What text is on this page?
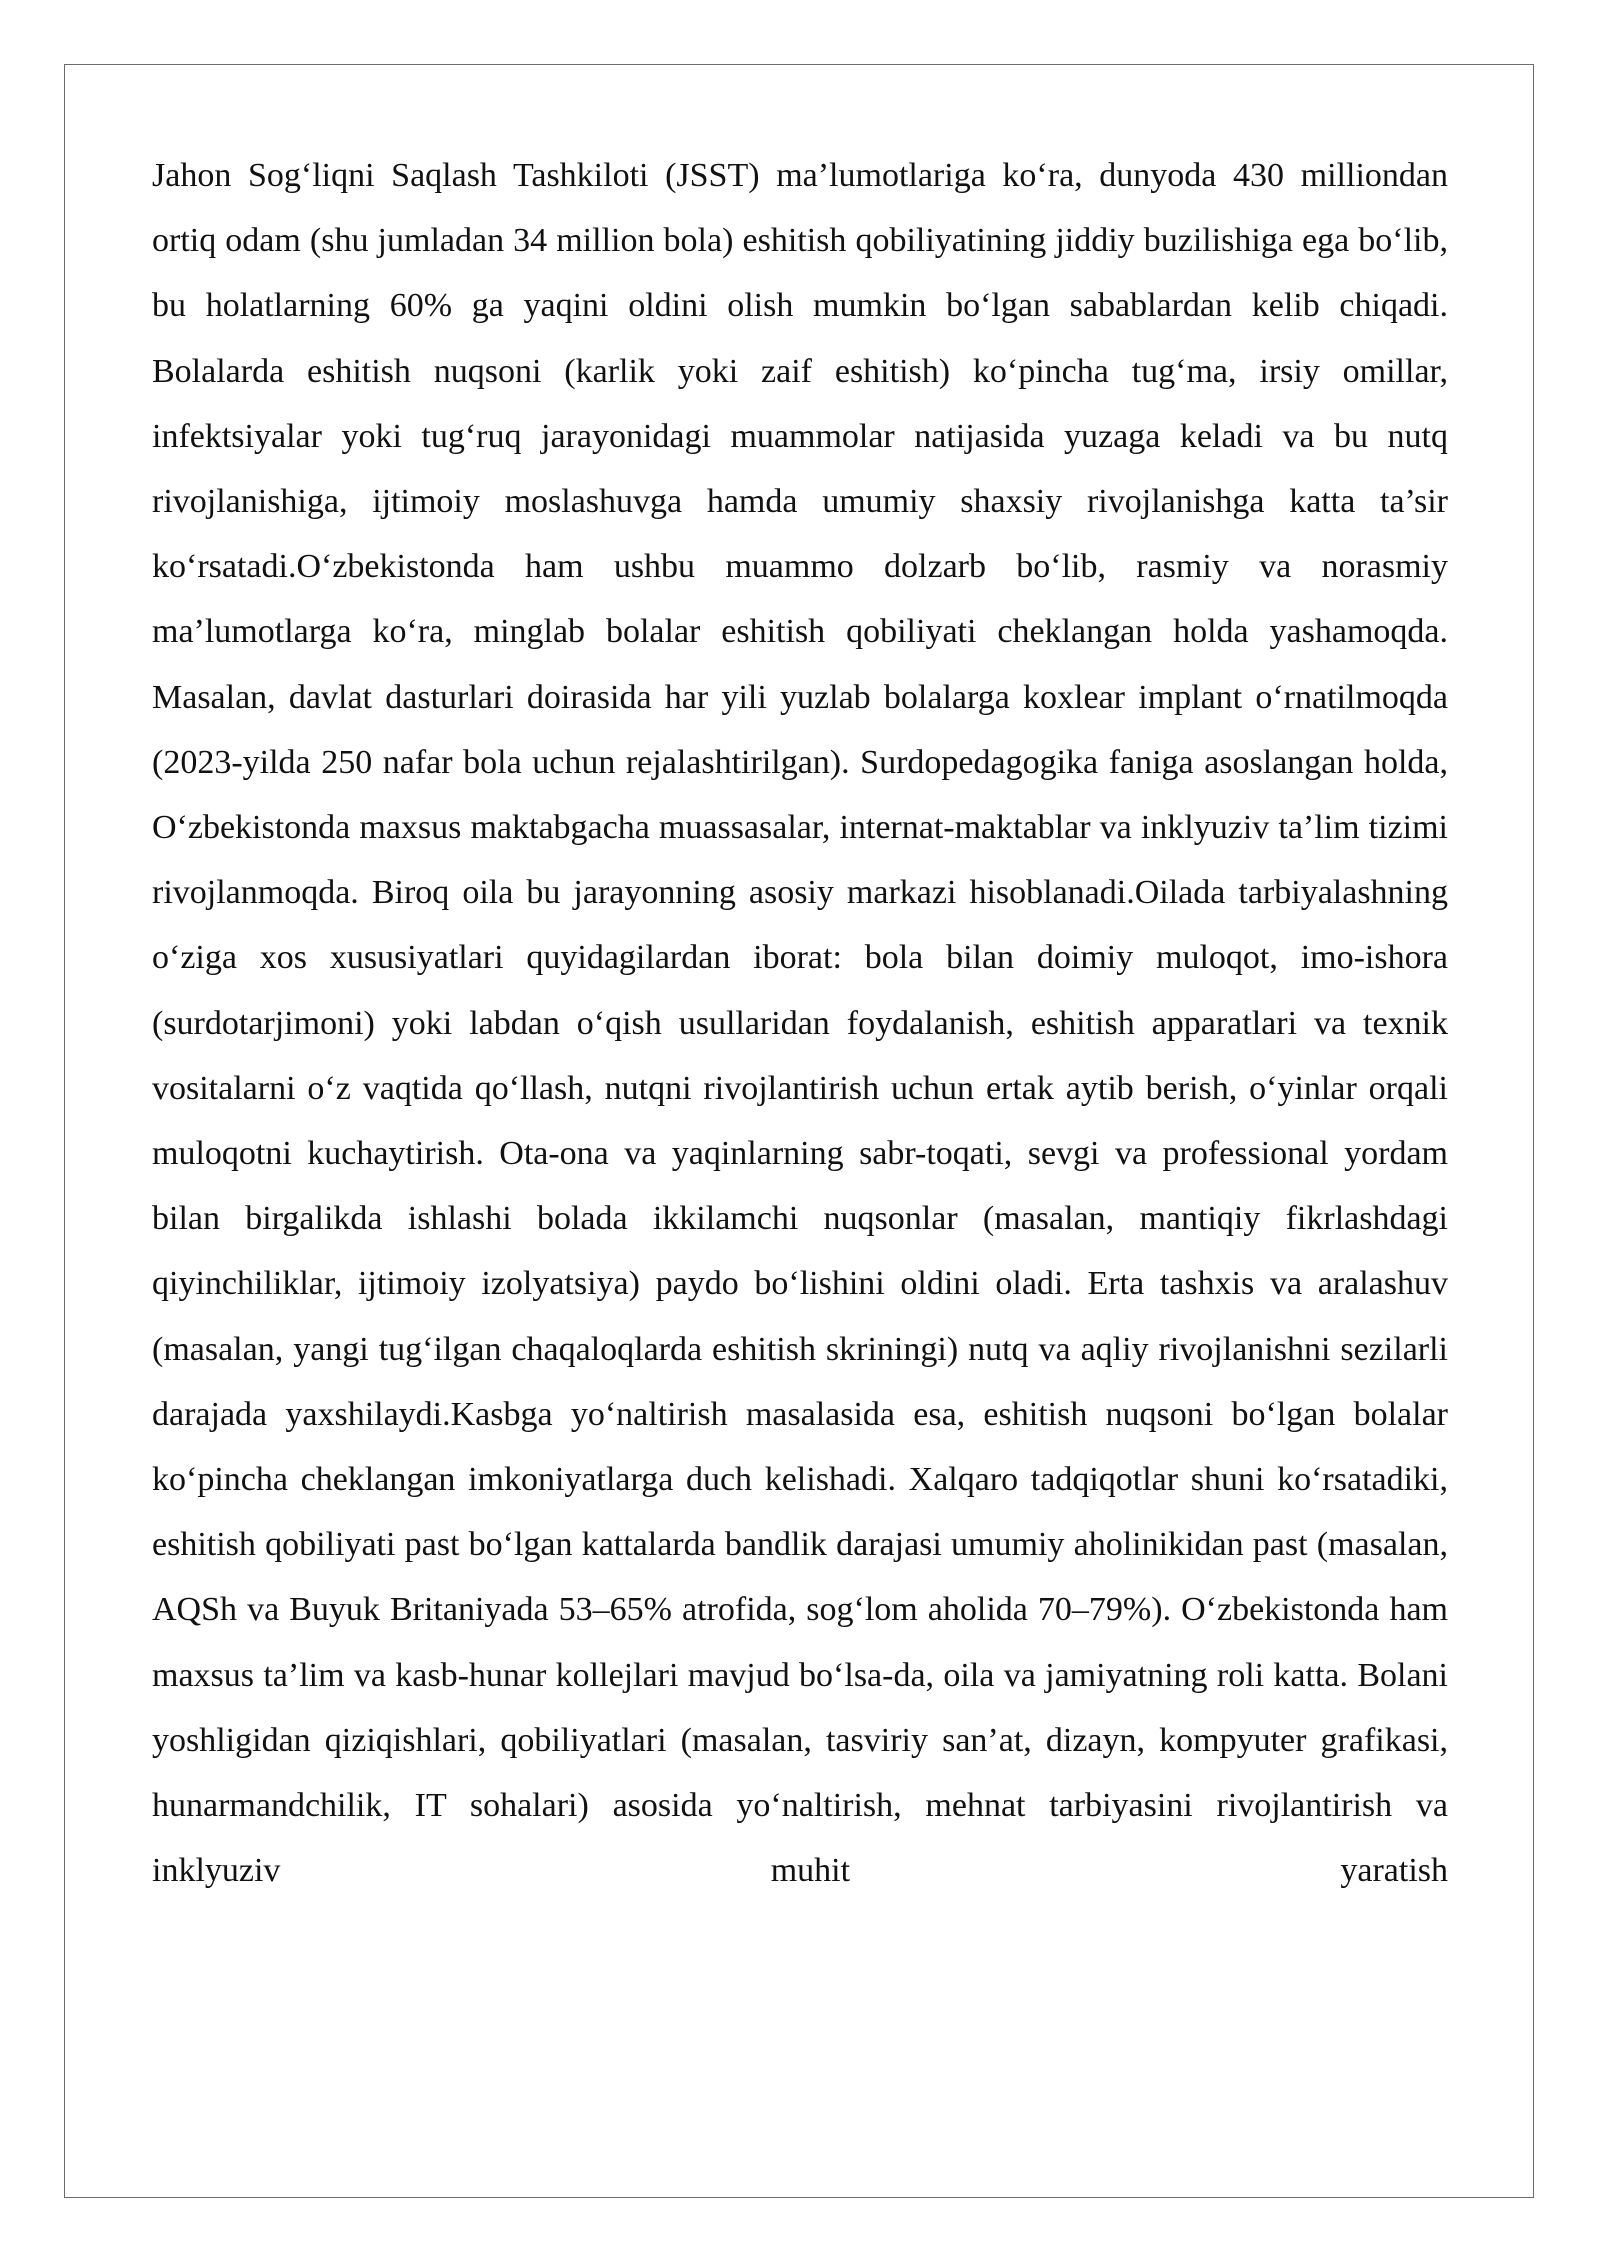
Jahon Sog‘liqni Saqlash Tashkiloti (JSST) ma’lumotlariga ko‘ra, dunyoda 430 milliondan ortiq odam (shu jumladan 34 million bola) eshitish qobiliyatining jiddiy buzilishiga ega bo‘lib, bu holatlarning 60% ga yaqini oldini olish mumkin bo‘lgan sabablardan kelib chiqadi. Bolalarda eshitish nuqsoni (karlik yoki zaif eshitish) ko‘pincha tug‘ma, irsiy omillar, infektsiyalar yoki tug‘ruq jarayonidagi muammolar natijasida yuzaga keladi va bu nutq rivojlanishiga, ijtimoiy moslashuvga hamda umumiy shaxsiy rivojlanishga katta ta’sir ko‘rsatadi.O‘zbekistonda ham ushbu muammo dolzarb bo‘lib, rasmiy va norasmiy ma’lumotlarga ko‘ra, minglab bolalar eshitish qobiliyati cheklangan holda yashamoqda. Masalan, davlat dasturlari doirasida har yili yuzlab bolalarga koxlear implant o‘rnatilmoqda (2023-yilda 250 nafar bola uchun rejalashtirilgan). Surdopedagogika faniga asoslangan holda, O‘zbekistonda maxsus maktabgacha muassasalar, internat-maktablar va inklyuziv ta’lim tizimi rivojlanmoqda. Biroq oila bu jarayonning asosiy markazi hisoblanadi.Oilada tarbiyalashning o‘ziga xos xususiyatlari quyidagilardan iborat: bola bilan doimiy muloqot, imo-ishora (surdotarjimoni) yoki labdan o‘qish usullaridan foydalanish, eshitish apparatlari va texnik vositalarni o‘z vaqtida qo‘llash, nutqni rivojlantirish uchun ertak aytib berish, o‘yinlar orqali muloqotni kuchaytirish. Ota-ona va yaqinlarning sabr-toqati, sevgi va professional yordam bilan birgalikda ishlashi bolada ikkilamchi nuqsonlar (masalan, mantiqiy fikrlashdagi qiyinchiliklar, ijtimoiy izolyatsiya) paydo bo‘lishini oldini oladi. Erta tashxis va aralashuv (masalan, yangi tug‘ilgan chaqaloqlarda eshitish skriningi) nutq va aqliy rivojlanishni sezilarli darajada yaxshilaydi.Kasbga yo‘naltirish masalasida esa, eshitish nuqsoni bo‘lgan bolalar ko‘pincha cheklangan imkoniyatlarga duch kelishadi. Xalqaro tadqiqotlar shuni ko‘rsatadiki, eshitish qobiliyati past bo‘lgan kattalarda bandlik darajasi umumiy aholinikidan past (masalan, AQSh va Buyuk Britaniyada 53–65% atrofida, sog‘lom aholida 70–79%). O‘zbekistonda ham maxsus ta’lim va kasb-hunar kollejlari mavjud bo‘lsa-da, oila va jamiyatning roli katta. Bolani yoshligidan qiziqishlari, qobiliyatlari (masalan, tasviriy san’at, dizayn, kompyuter grafikasi, hunarmandchilik, IT sohalari) asosida yo‘naltirish, mehnat tarbiyasini rivojlantirish va inklyuziv muhit yaratish
